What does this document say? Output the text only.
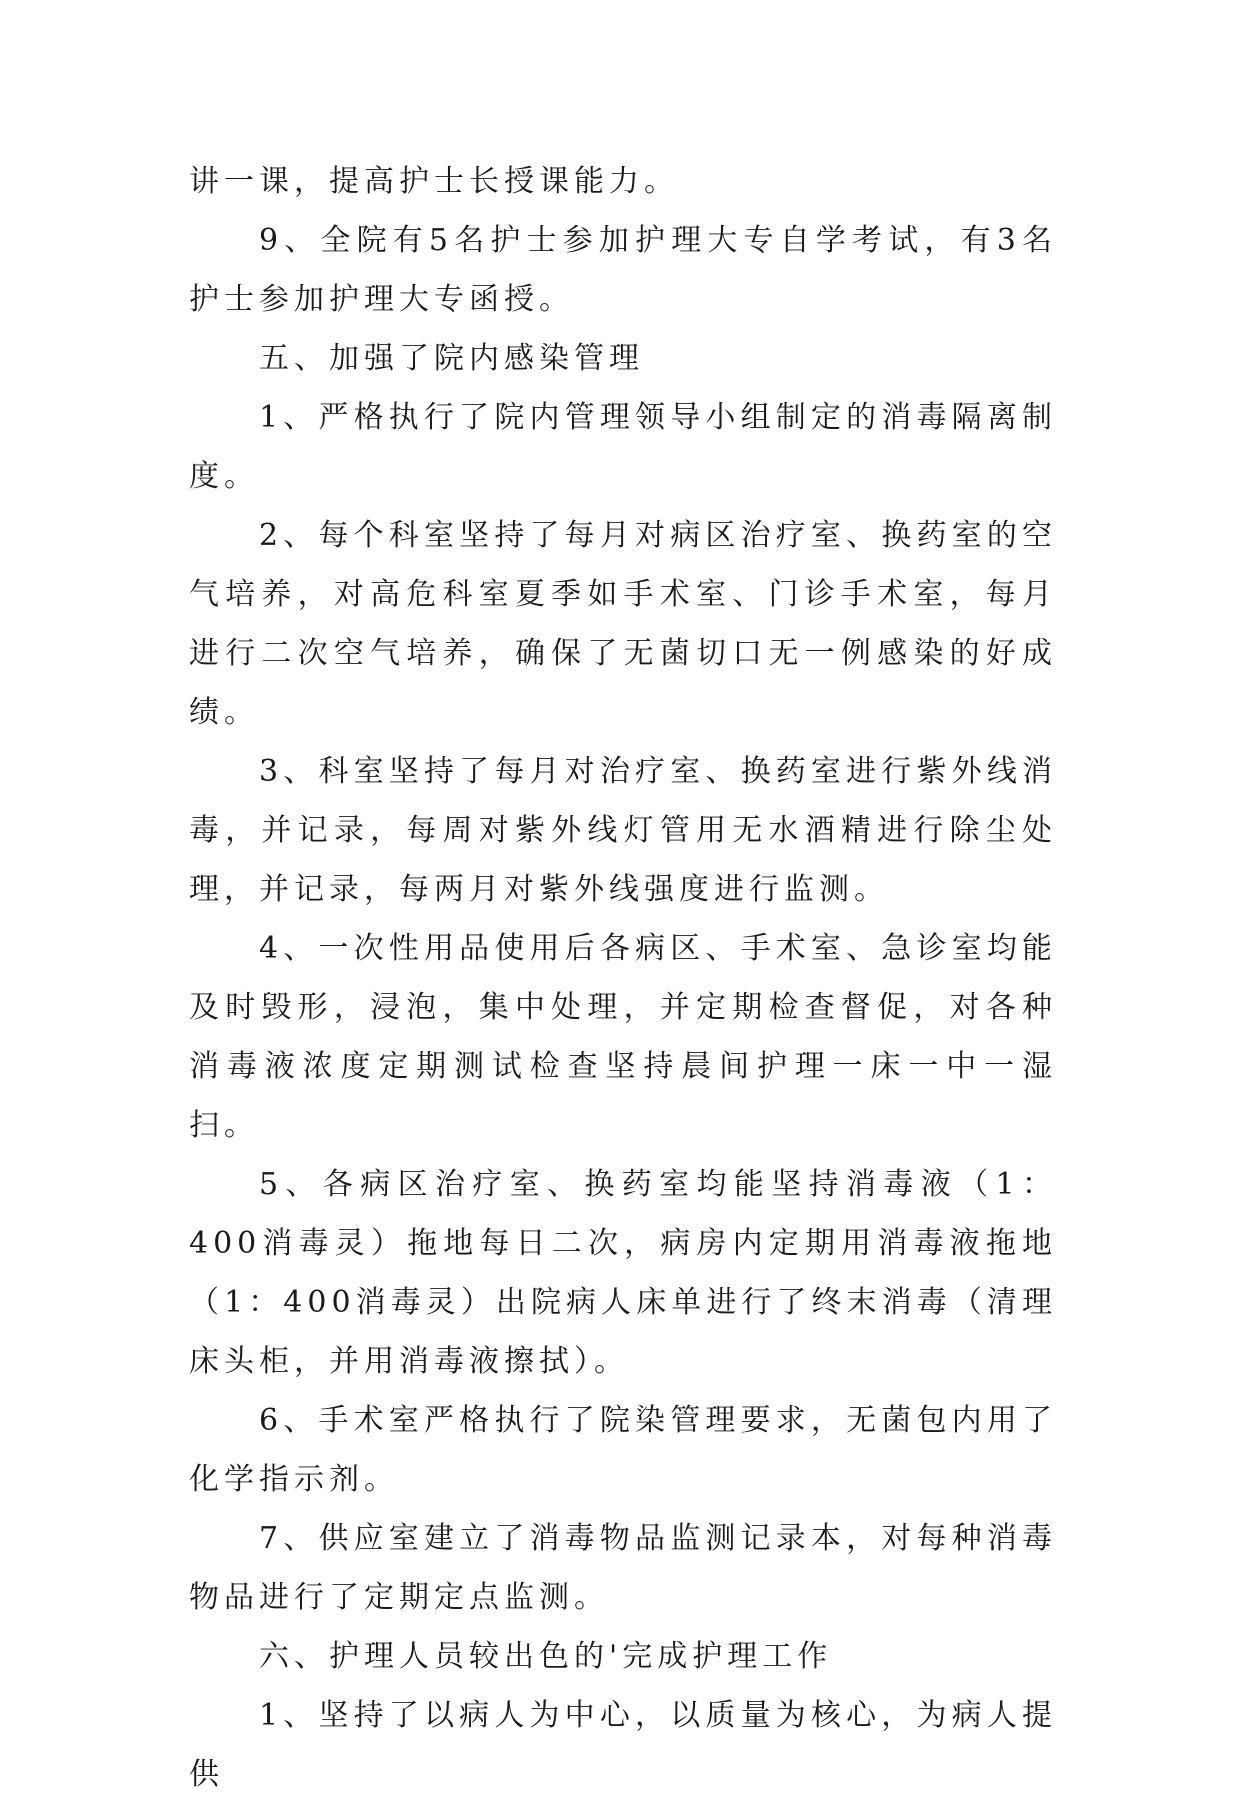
讲一课，提高护士长授课能力。

9、全院有5名护士参加护理大专自学考试，有3名护士参加护理大专函授。

五、加强了院内感染管理

1、严格执行了院内管理领导小组制定的消毒隔离制度。

2、每个科室坚持了每月对病区治疗室、换药室的空气培养，对高危科室夏季如手术室、门诊手术室，每月进行二次空气培养，确保了无菌切口无一例感染的好成绩。

3、科室坚持了每月对治疗室、换药室进行紫外线消毒，并记录，每周对紫外线灯管用无水酒精进行除尘处理，并记录，每两月对紫外线强度进行监测。

4、一次性用品使用后各病区、手术室、急诊室均能及时毁形，浸泡，集中处理，并定期检查督促，对各种消毒液浓度定期测试检查坚持晨间护理一床一中一湿扫。

5、各病区治疗室、换药室均能坚持消毒液（1：400消毒灵）拖地每日二次，病房内定期用消毒液拖地（1：400消毒灵）出院病人床单进行了终末消毒（清理床头柜，并用消毒液擦拭）。

6、手术室严格执行了院染管理要求，无菌包内用了化学指示剂。

7、供应室建立了消毒物品监测记录本，对每种消毒物品进行了定期定点监测。

六、护理人员较出色的'完成护理工作

1、坚持了以病人为中心，以质量为核心，为病人提供
